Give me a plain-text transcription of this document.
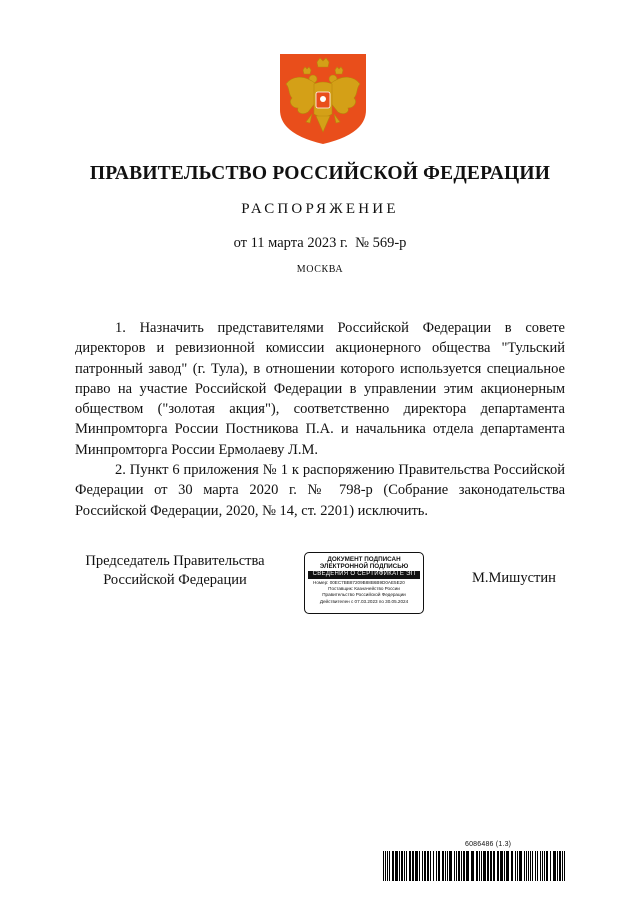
ПРАВИТЕЛЬСТВО РОССИЙСКОЙ ФЕДЕРАЦИИ
РАСПОРЯЖЕНИЕ
от 11 марта 2023 г. № 569-р
МОСКВА

1. Назначить представителями Российской Федерации в совете директоров и ревизионной комиссии акционерного общества "Тульский патронный завод" (г. Тула), в отношении которого используется специальное право на участие Российской Федерации в управлении этим акционерным обществом ("золотая акция"), соответственно директора департамента Минпромторга России Постникова П.А. и начальника отдела департамента Минпромторга России Ермолаеву Л.М.

2. Пункт 6 приложения № 1 к распоряжению Правительства Российской Федерации от 30 марта 2020 г. № 798-р (Собрание законодательства Российской Федерации, 2020, № 14, ст. 2201) исключить.

Председатель Правительства
Российской Федерации
ДОКУМЕНТ ПОДПИСАН
ЭЛЕКТРОННОЙ ПОДПИСЬЮ
СВЕДЕНИЯ О СЕРТИФИКАТЕ ЭП
Номер: 00EC7ВВ87209В88В6В9D0АЕ5Е20
Поставщик: Казначейство России
Правительство Российской Федерации
Действителен с 07.03.2023 по 30.05.2024
М.Мишустин
6086486 (1.3)
